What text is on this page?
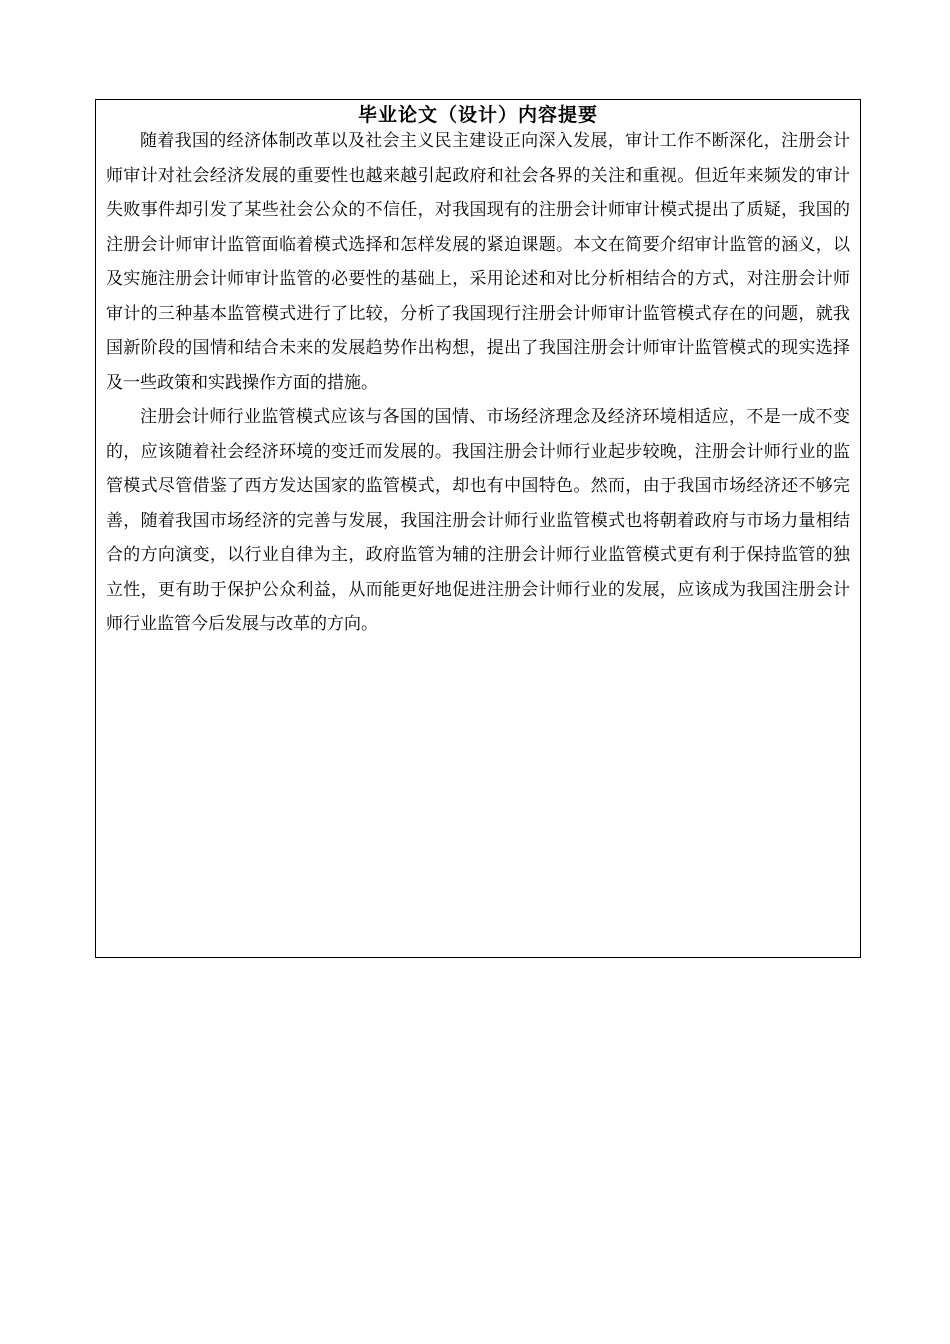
毕业论文（设计）内容提要

随着我国的经济体制改革以及社会主义民主建设正向深入发展，审计工作不断深化，注册会计师审计对社会经济发展的重要性也越来越引起政府和社会各界的关注和重视。但近年来频发的审计失败事件却引发了某些社会公众的不信任，对我国现有的注册会计师审计模式提出了质疑，我国的注册会计师审计监管面临着模式选择和怎样发展的紧迫课题。本文在简要介绍审计监管的涵义，以及实施注册会计师审计监管的必要性的基础上，采用论述和对比分析相结合的方式，对注册会计师审计的三种基本监管模式进行了比较，分析了我国现行注册会计师审计监管模式存在的问题，就我国新阶段的国情和结合未来的发展趋势作出构想，提出了我国注册会计师审计监管模式的现实选择及一些政策和实践操作方面的措施。

注册会计师行业监管模式应该与各国的国情、市场经济理念及经济环境相适应，不是一成不变的，应该随着社会经济环境的变迁而发展的。我国注册会计师行业起步较晚，注册会计师行业的监管模式尽管借鉴了西方发达国家的监管模式，却也有中国特色。然而，由于我国市场经济还不够完善，随着我国市场经济的完善与发展，我国注册会计师行业监管模式也将朝着政府与市场力量相结合的方向演变，以行业自律为主，政府监管为辅的注册会计师行业监管模式更有利于保持监管的独立性，更有助于保护公众利益，从而能更好地促进注册会计师行业的发展，应该成为我国注册会计师行业监管今后发展与改革的方向。
